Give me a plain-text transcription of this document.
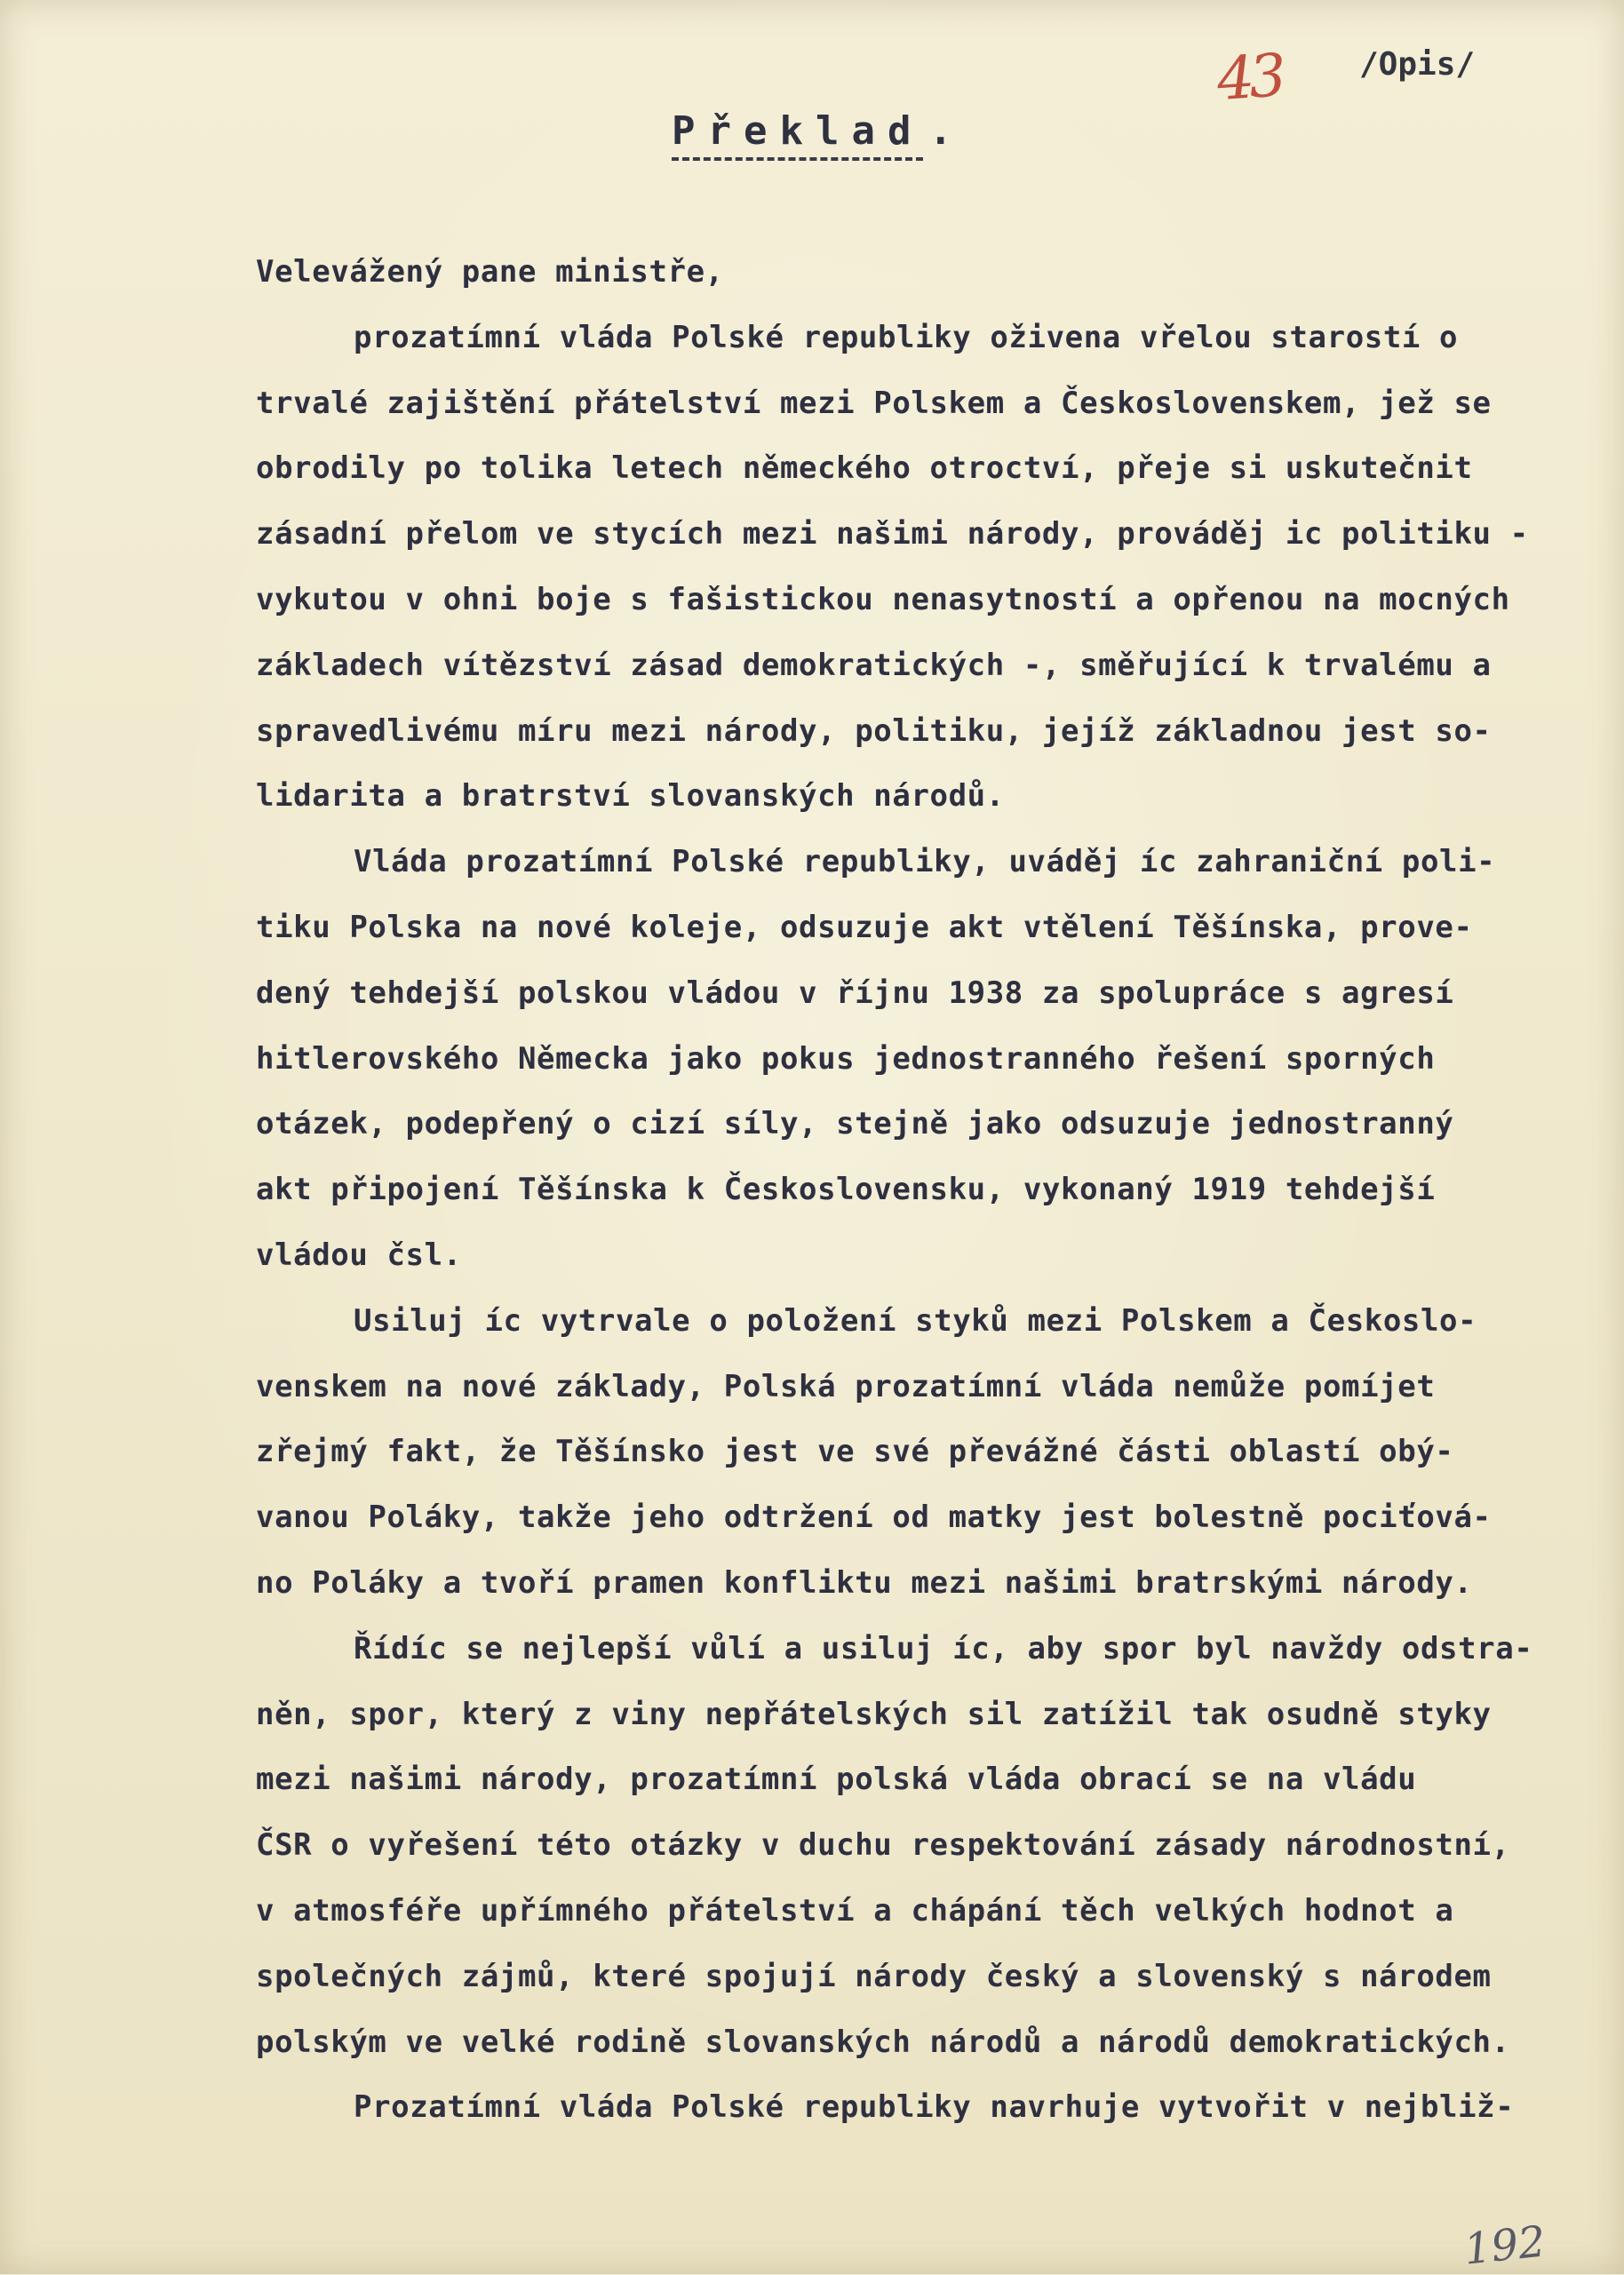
43	/Opis/
Překlad .
Velevážený pane ministře,
prozatímní vláda Polské republiky oživena vřelou starostí o
trvalé zajištění přátelství mezi Polskem a Československem, jež se
obrodily po tolika letech německého otroctví, přeje si uskutečnit
zásadní přelom ve stycích mezi našimi národy, prováděj ic politiku -
vykutou v ohni boje s fašistickou nenasytností a opřenou na mocných
základech vítězství zásad demokratických -, směřující k trvalému a
spravedlivému míru mezi národy, politiku, jejíž základnou jest so-
lidarita a bratrství slovanských národů.
Vláda prozatímní Polské republiky, uváděj íc zahraniční poli-
tiku Polska na nové koleje, odsuzuje akt vtělení Těšínska, prove-
dený tehdejší polskou vládou v říjnu 1938 za spolupráce s agresí
hitlerovského Německa jako pokus jednostranného řešení sporných
otázek, podepřený o cizí síly, stejně jako odsuzuje jednostranný
akt připojení Těšínska k Československu, vykonaný 1919 tehdejší
vládou čsl.
Usiluj íc vytrvale o položení styků mezi Polskem a Českoslo-
venskem na nové základy, Polská prozatímní vláda nemůže pomíjet
zřejmý fakt, že Těšínsko jest ve své převážné části oblastí obý-
vanou Poláky, takže jeho odtržení od matky jest bolestně pociťová-
no Poláky a tvoří pramen konfliktu mezi našimi bratrskými národy.
Řídíc se nejlepší vůlí a usiluj íc, aby spor byl navždy odstra-
něn, spor, který z viny nepřátelských sil zatížil tak osudně styky
mezi našimi národy, prozatímní polská vláda obrací se na vládu
ČSR o vyřešení této otázky v duchu respektování zásady národnostní,
v atmosféře upřímného přátelství a chápání těch velkých hodnot a
společných zájmů, které spojují národy český a slovenský s národem
polským ve velké rodině slovanských národů a národů demokratických.
Prozatímní vláda Polské republiky navrhuje vytvořit v nejbliž-
192
